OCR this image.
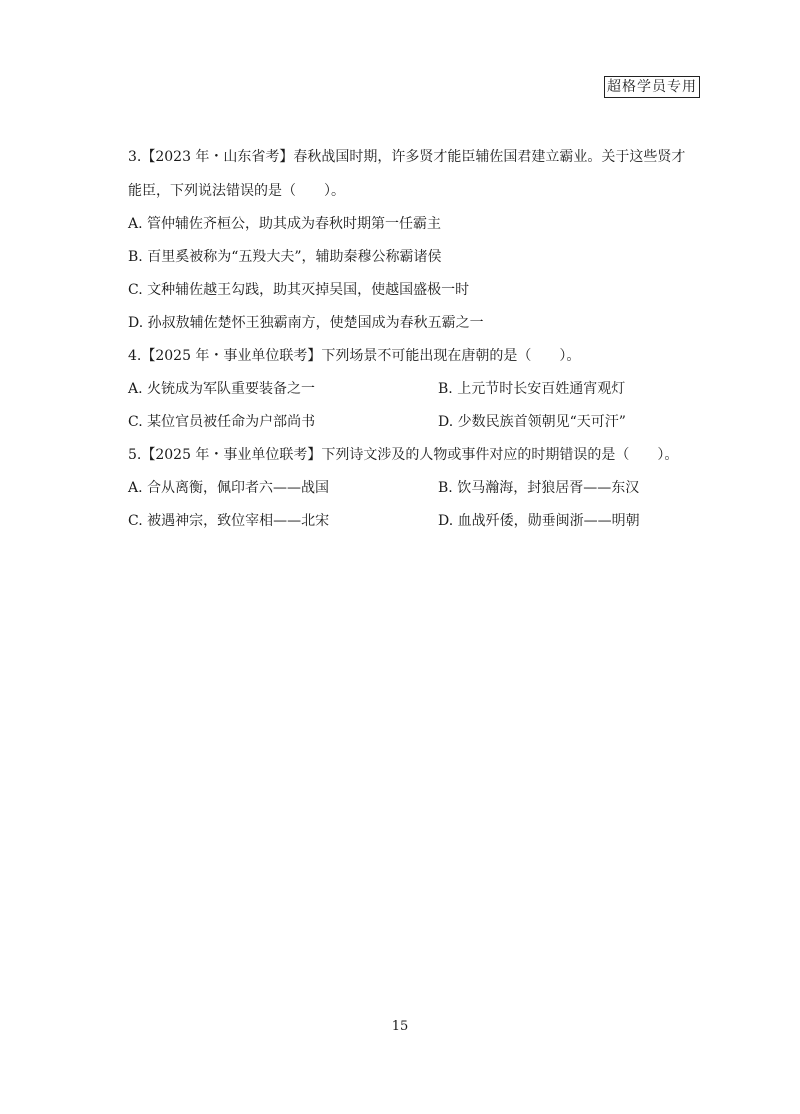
超格学员专用
3.【2023 年・山东省考】春秋战国时期，许多贤才能臣辅佐国君建立霸业。关于这些贤才
能臣，下列说法错误的是（　　）。
A. 管仲辅佐齐桓公，助其成为春秋时期第一任霸主
B. 百里奚被称为“五羖大夫”，辅助秦穆公称霸诸侯
C. 文种辅佐越王勾践，助其灭掉吴国，使越国盛极一时
D. 孙叔敖辅佐楚怀王独霸南方，使楚国成为春秋五霸之一
4.【2025 年・事业单位联考】下列场景不可能出现在唐朝的是（　　）。
A. 火铳成为军队重要装备之一	B. 上元节时长安百姓通宵观灯
C. 某位官员被任命为户部尚书	D. 少数民族首领朝见“天可汗”
5.【2025 年・事业单位联考】下列诗文涉及的人物或事件对应的时期错误的是（　　）。
A. 合从离衡，佩印者六——战国	B. 饮马瀚海，封狼居胥——东汉
C. 被遇神宗，致位宰相——北宋	D. 血战歼倭，勋垂闽浙——明朝
15
